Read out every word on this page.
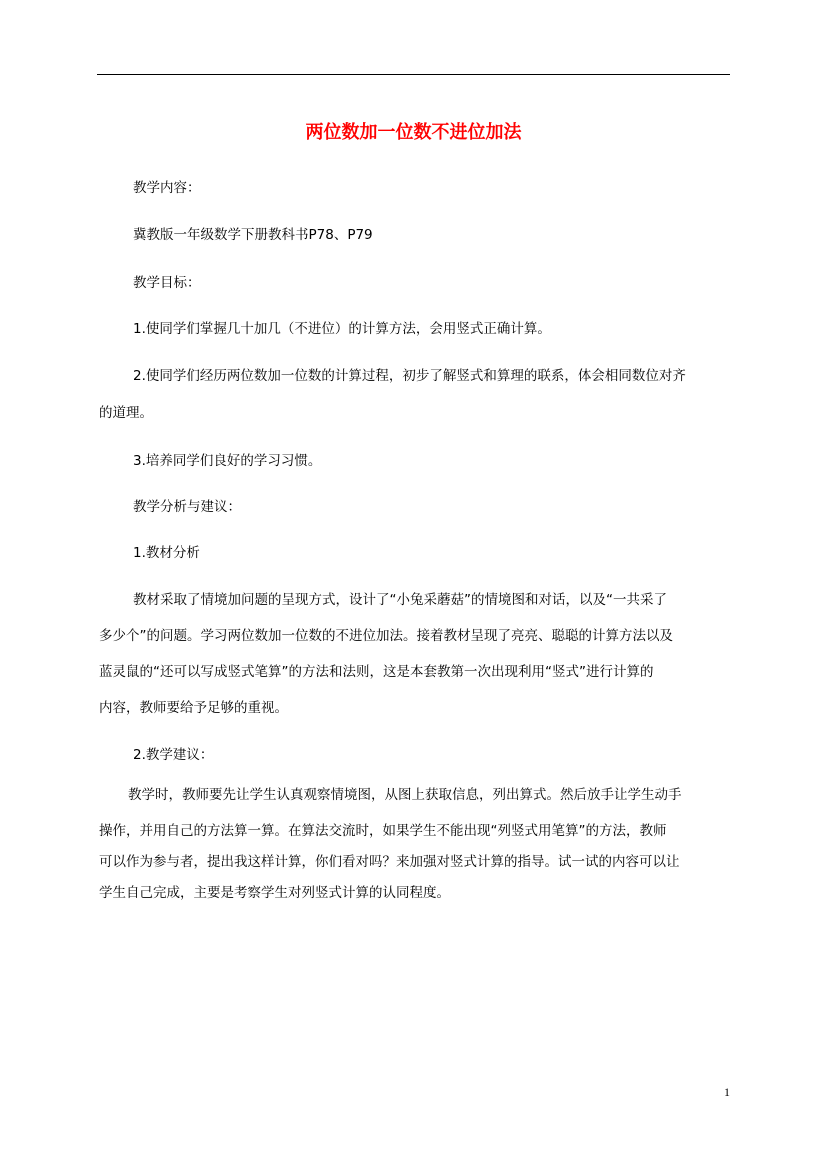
两位数加一位数不进位加法

教学内容：

冀教版一年级数学下册教科书P78、P79

教学目标：

1.使同学们掌握几十加几（不进位）的计算方法，会用竖式正确计算。

2.使同学们经历两位数加一位数的计算过程，初步了解竖式和算理的联系，体会相同数位对齐

的道理。

3.培养同学们良好的学习习惯。

教学分析与建议：

1.教材分析

教材采取了情境加问题的呈现方式，设计了“小兔采蘑菇”的情境图和对话，以及“一共采了

多少个”的问题。学习两位数加一位数的不进位加法。接着教材呈现了亮亮、聪聪的计算方法以及

蓝灵鼠的“还可以写成竖式笔算”的方法和法则，这是本套教第一次出现利用“竖式”进行计算的

内容，教师要给予足够的重视。

2.教学建议：

教学时，教师要先让学生认真观察情境图，从图上获取信息，列出算式。然后放手让学生动手

操作，并用自己的方法算一算。在算法交流时，如果学生不能出现“列竖式用笔算”的方法，教师

可以作为参与者，提出我这样计算，你们看对吗？来加强对竖式计算的指导。试一试的内容可以让

学生自己完成，主要是考察学生对列竖式计算的认同程度。

1
